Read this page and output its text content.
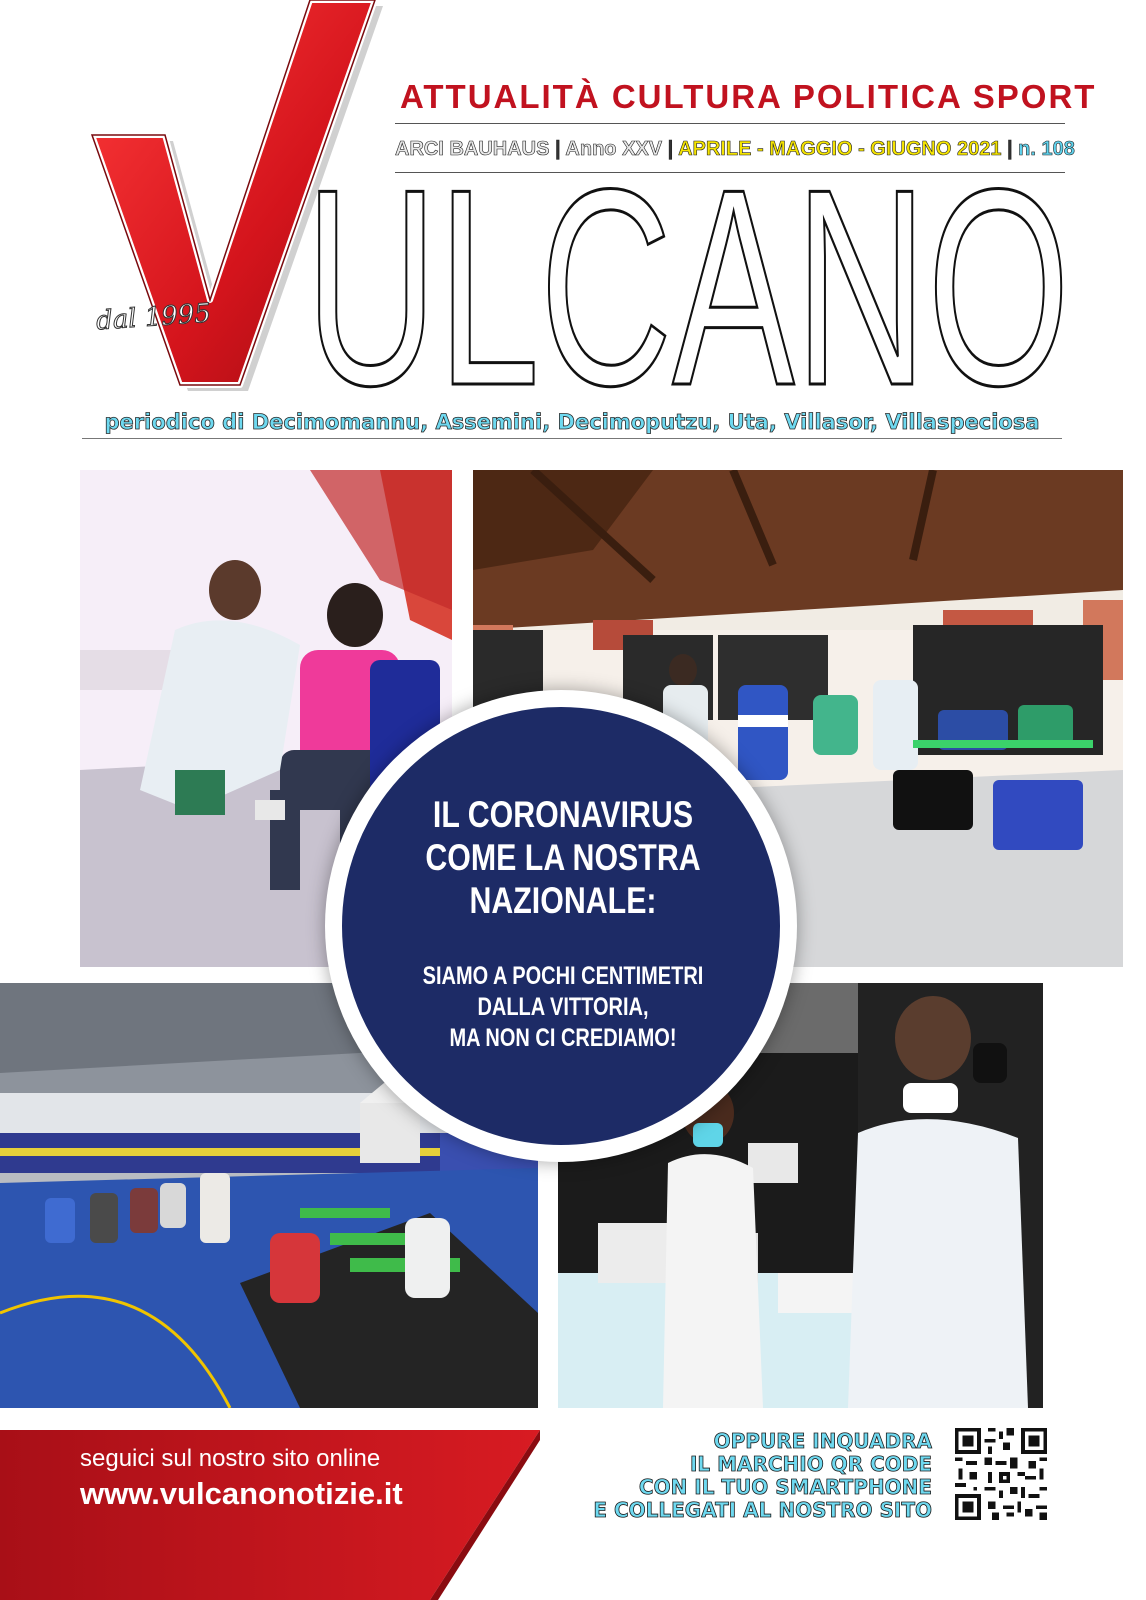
dal 1995
ATTUALITÀ CULTURA POLITICA SPORT
ARCI BAUHAUS | Anno XXV | APRILE - MAGGIO - GIUGNO 2021 | n. 108
ULCANO
periodico di Decimomannu, Assemini, Decimoputzu, Uta, Villasor, Villaspeciosa
IL CORONAVIRUS
COME LA NOSTRA
NAZIONALE:
SIAMO A POCHI CENTIMETRI
DALLA VITTORIA,
MA NON CI CREDIAMO!
seguici sul nostro sito online
www.vulcanonotizie.it
OPPURE INQUADRA
IL MARCHIO QR CODE
CON IL TUO SMARTPHONE
E COLLEGATI AL NOSTRO SITO
